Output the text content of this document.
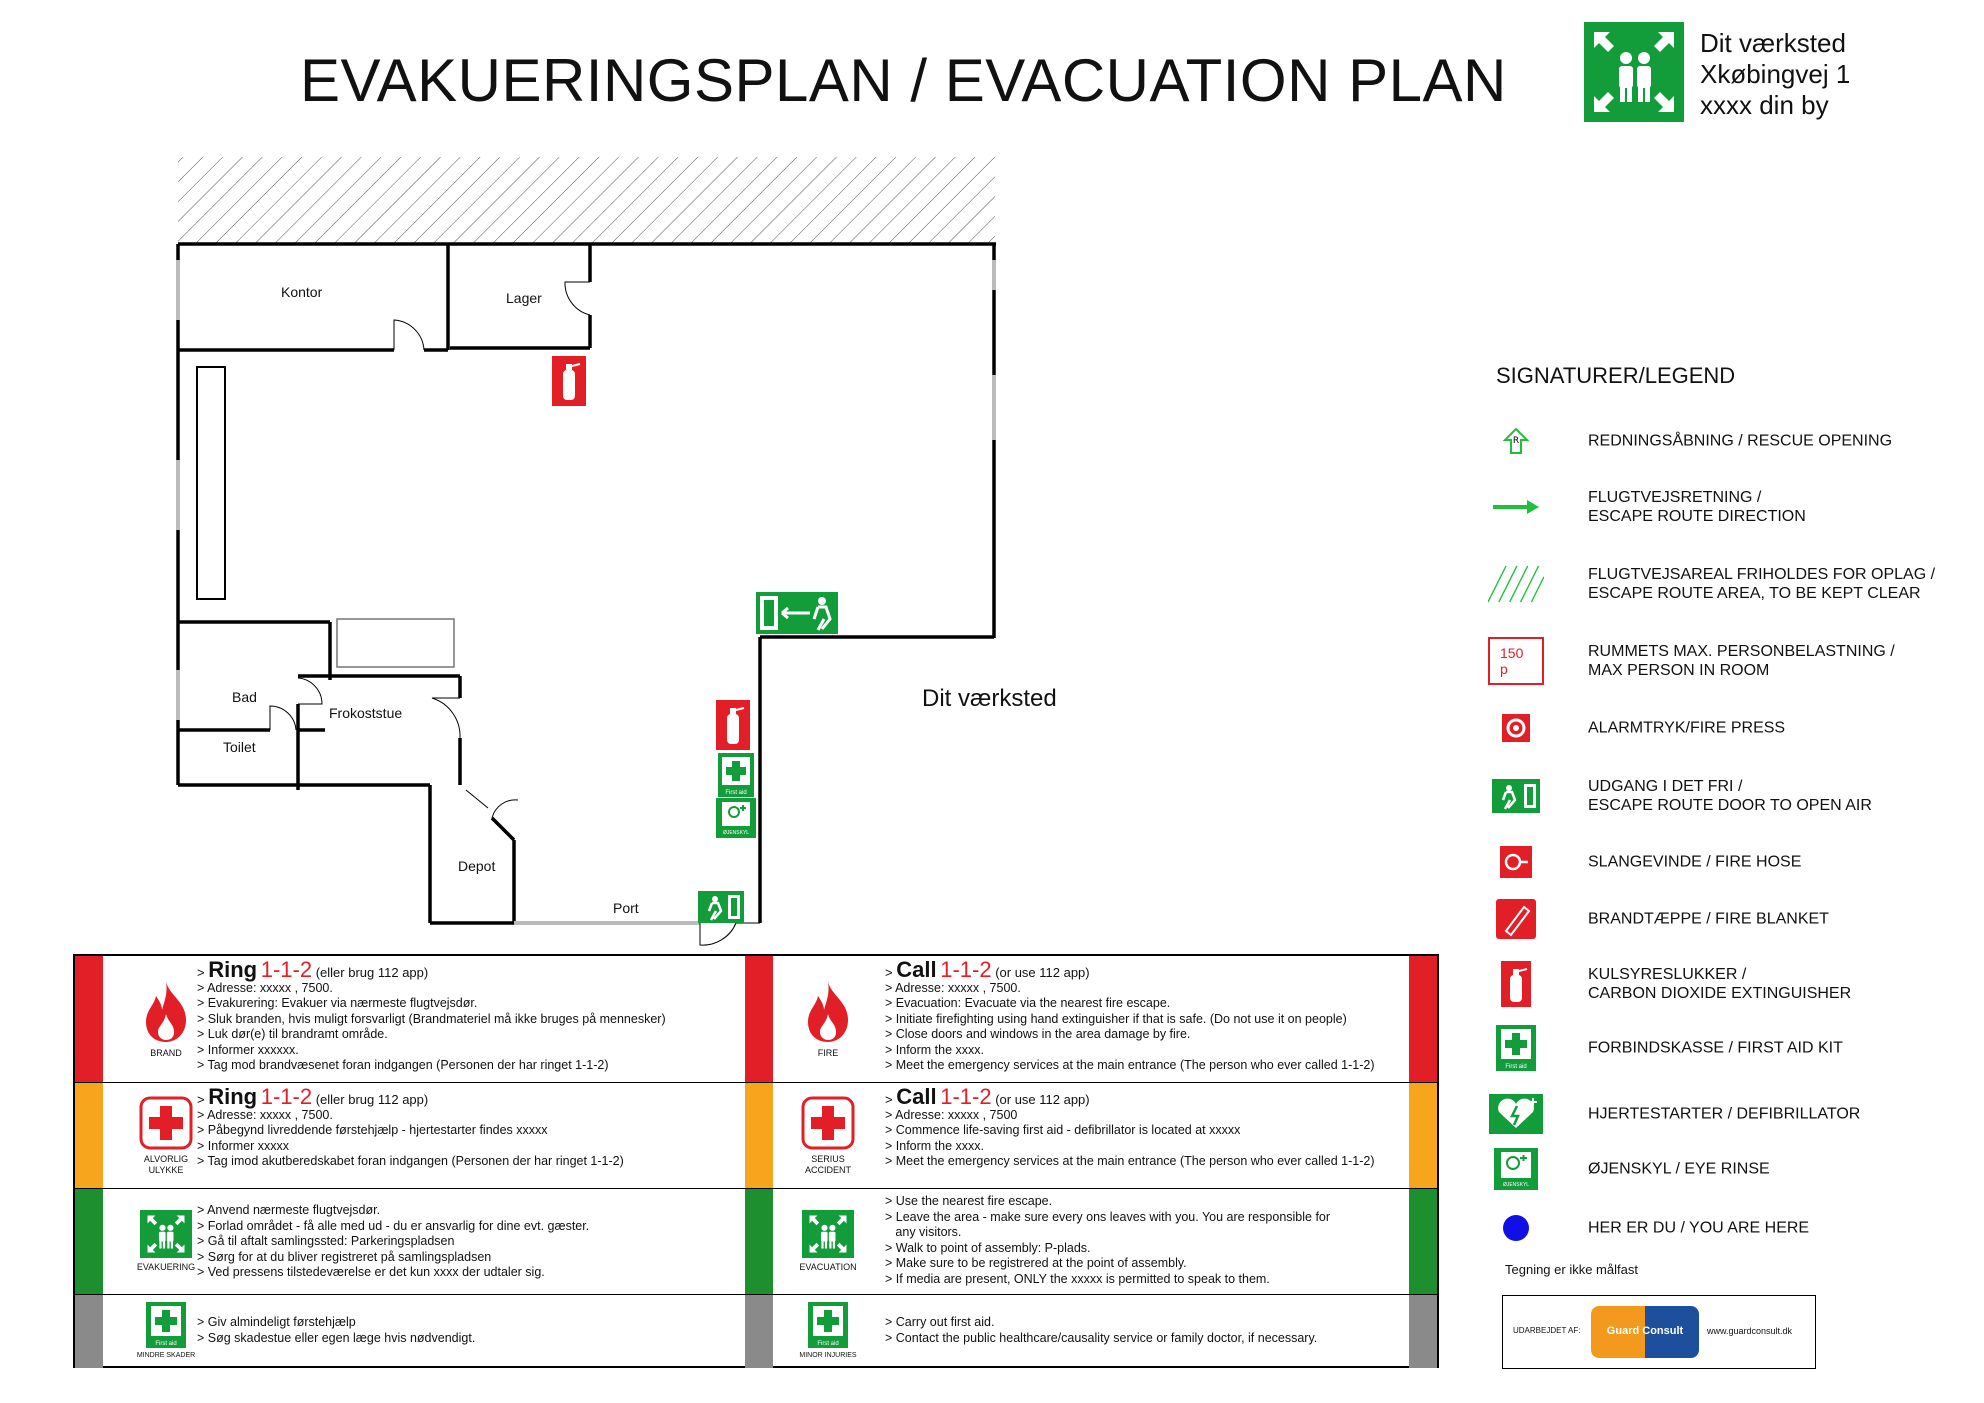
EVAKUERINGSPLAN / EVACUATION PLAN
Dit værksted
Xkøbingvej 1
xxxx din by
Kontor	Lager
Bad
Frokoststue
Toilet
Depot
Port
First aid
ØJENSKYL
Dit værksted
SIGNATURER/LEGEND
R	REDNINGSÅBNING / RESCUE OPENING
FLUGTVEJSRETNING /
ESCAPE ROUTE DIRECTION
FLUGTVEJSAREAL FRIHOLDES FOR OPLAG /
ESCAPE ROUTE AREA, TO BE KEPT CLEAR
150 p
RUMMETS MAX. PERSONBELASTNING /
MAX PERSON IN ROOM
ALARMTRYK/FIRE PRESS
UDGANG I DET FRI /
ESCAPE ROUTE DOOR TO OPEN AIR
SLANGEVINDE / FIRE HOSE
BRANDTÆPPE / FIRE BLANKET
KULSYRESLUKKER /
CARBON DIOXIDE EXTINGUISHER
First aid
FORBINDSKASSE / FIRST AID KIT
HJERTESTARTER / DEFIBRILLATOR
ØJENSKYL
ØJENSKYL / EYE RINSE
HER ER DU / YOU ARE HERE
Tegning er ikke målfast
UDARBEJDET AF:	Guard Consult	www.guardconsult.dk
BRAND
> Ring 1-1-2 (eller brug 112 app)
> Adresse: xxxxx , 7500.
> Evakurering: Evakuer via nærmeste flugtvejsdør.
> Sluk branden, hvis muligt forsvarligt (Brandmateriel må ikke bruges på mennesker)
> Luk dør(e) til brandramt område.
> Informer xxxxxx.
> Tag mod brandvæsenet foran indgangen (Personen der har ringet 1-1-2)
ALVORLIG
ULYKKE
> Ring 1-1-2 (eller brug 112 app)
> Adresse: xxxxx , 7500.
> Påbegynd livreddende førstehjælp - hjertestarter findes xxxxx
> Informer xxxxx
> Tag imod akutberedskabet foran indgangen (Personen der har ringet 1-1-2)
EVAKUERING
> Anvend nærmeste flugtvejsdør.
> Forlad området - få alle med ud - du er ansvarlig for dine evt. gæster.
> Gå til aftalt samlingssted: Parkeringspladsen
> Sørg for at du bliver registreret på samlingspladsen
> Ved pressens tilstedeværelse er det kun xxxx der udtaler sig.
First aid
MINDRE SKADER
> Giv almindeligt førstehjælp
> Søg skadestue eller egen læge hvis nødvendigt.
FIRE
> Call 1-1-2 (or use 112 app)
> Adresse: xxxxx , 7500.
> Evacuation: Evacuate via the nearest fire escape.
> Initiate firefighting using hand extinguisher if that is safe. (Do not use it on people)
> Close doors and windows in the area damage by fire.
> Inform the xxxx.
> Meet the emergency services at the main entrance (The person who ever called 1-1-2)
SERIUS
ACCIDENT
> Call 1-1-2 (or use 112 app)
> Adresse: xxxxx , 7500
> Commence life-saving first aid - defibrillator is located at xxxxx
> Inform the xxxx.
> Meet the emergency services at the main entrance (The person who ever called 1-1-2)
EVACUATION
> Use the nearest fire escape.
> Leave the area - make sure every ons leaves with you. You are responsible for
any visitors.
> Walk to point of assembly: P-plads.
> Make sure to be registrered at the point of assembly.
> If media are present, ONLY the xxxxx is permitted to speak to them.
First aid
MINOR INJURIES
> Carry out first aid.
> Contact the public healthcare/causality service or family doctor, if necessary.
